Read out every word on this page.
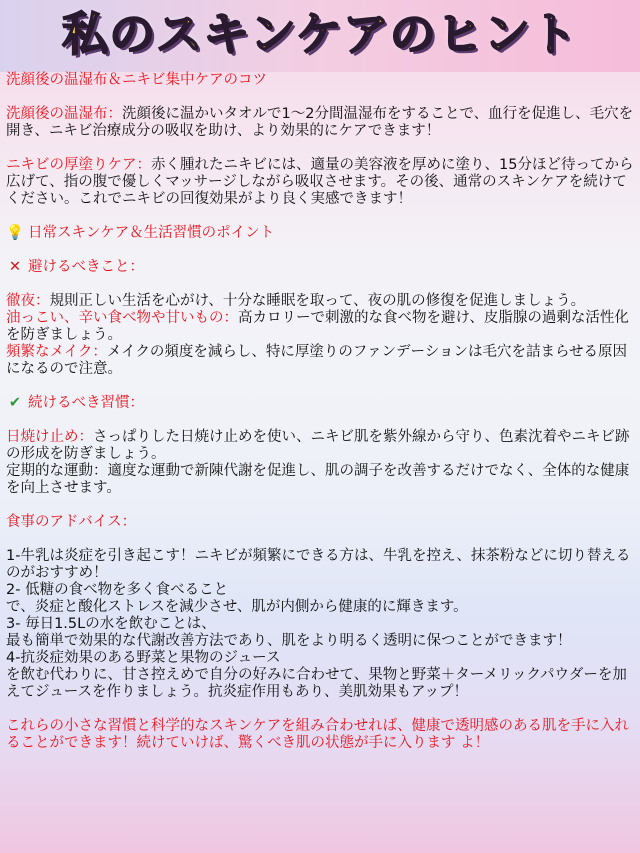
私のスキンケアのヒント

洗顔後の温湿布＆ニキビ集中ケアのコツ

洗顔後の温湿布：洗顔後に温かいタオルで1〜2分間温湿布をすることで、血行を促進し、毛穴を開き、ニキビ治療成分の吸収を助け、より効果的にケアできます！

ニキビの厚塗りケア：赤く腫れたニキビには、適量の美容液を厚めに塗り、15分ほど待ってから広げて、指の腹で優しくマッサージしながら吸収させます。その後、通常のスキンケアを続けてください。これでニキビの回復効果がより良く実感できます！

💡 日常スキンケア＆生活習慣のポイント

✕ 避けるべきこと：

徹夜：規則正しい生活を心がけ、十分な睡眠を取って、夜の肌の修復を促進しましょう。

油っこい、辛い食べ物や甘いもの：高カロリーで刺激的な食べ物を避け、皮脂腺の過剰な活性化を防ぎましょう。

頻繁なメイク：メイクの頻度を減らし、特に厚塗りのファンデーションは毛穴を詰まらせる原因になるので注意。

✔ 続けるべき習慣：

日焼け止め：さっぱりした日焼け止めを使い、ニキビ肌を紫外線から守り、色素沈着やニキビ跡の形成を防ぎましょう。

定期的な運動：適度な運動で新陳代謝を促進し、肌の調子を改善するだけでなく、全体的な健康を向上させます。

食事のアドバイス：

1-牛乳は炎症を引き起こす！ニキビが頻繁にできる方は、牛乳を控え、抹茶粉などに切り替えるのがおすすめ！

2- 低糖の食べ物を多く食べること

で、炎症と酸化ストレスを減少させ、肌が内側から健康的に輝きます。

3- 毎日1.5Lの水を飲むことは、

最も簡単で効果的な代謝改善方法であり、肌をより明るく透明に保つことができます！

4-抗炎症効果のある野菜と果物のジュース

を飲む代わりに、甘さ控えめで自分の好みに合わせて、果物と野菜＋ターメリックパウダーを加えてジュースを作りましょう。抗炎症作用もあり、美肌効果もアップ！

これらの小さな習慣と科学的なスキンケアを組み合わせれば、健康で透明感のある肌を手に入れることができます！続けていけば、驚くべき肌の状態が手に入ります よ！
